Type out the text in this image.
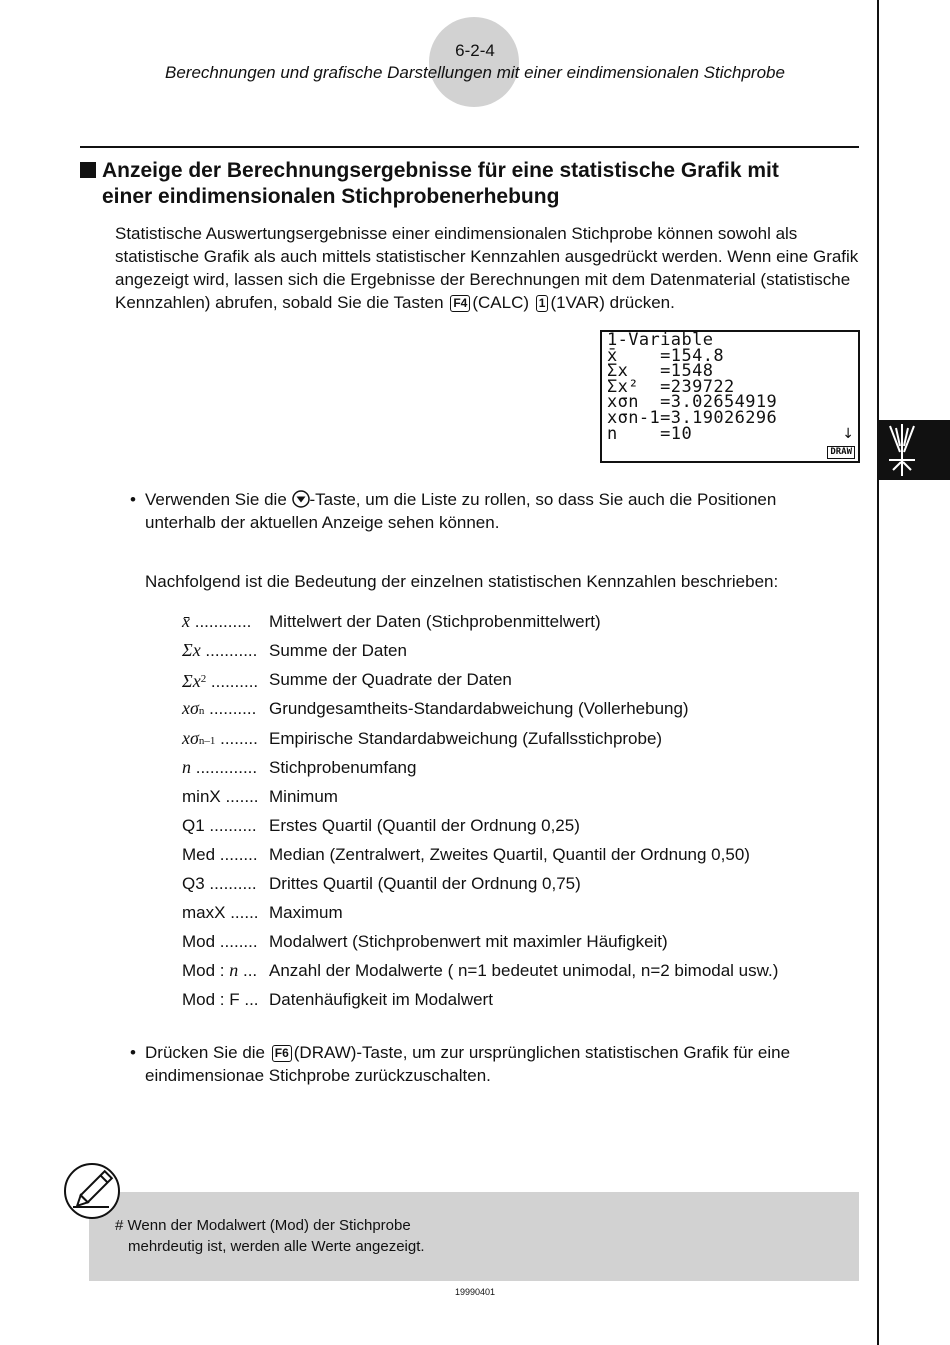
6-2-4
Berechnungen und grafische Darstellungen mit einer eindimensionalen Stichprobe
Anzeige der Berechnungsergebnisse für eine statistische Grafik mit
einer eindimensionalen Stichprobenerhebung
Statistische Auswertungsergebnisse einer eindimensionalen Stichprobe können sowohl als statistische Grafik als auch mittels statistischer Kennzahlen ausgedrückt werden. Wenn eine Grafik angezeigt wird, lassen sich die Ergebnisse der Berechnungen mit dem Datenmaterial (statistische Kennzahlen) abrufen, sobald Sie die Tasten F4 (CALC) 1 (1VAR) drücken.
1-Variable
x̄    =154.8
Σx   =1548
Σx²  =239722
xσn  =3.02654919
xσn-1=3.19026296
n    =10	↓
DRAW
• Verwenden Sie die -Taste, um die Liste zu rollen, so dass Sie auch die Positionen unterhalb der aktuellen Anzeige sehen können.
Nachfolgend ist die Bedeutung der einzelnen statistischen Kennzahlen beschrieben:
x̄ ............ Mittelwert der Daten (Stichprobenmittelwert)
Σx ........... Summe der Daten
$\Sigma x^2$ .......... Summe der Quadrate der Daten
xσn .......... Grundgesamtheits-Standardabweichung (Vollerhebung)
xσn–1 ........ Empirische Standardabweichung (Zufallsstichprobe)
n ............. Stichprobenumfang
minX ....... Minimum
Q1 .......... Erstes Quartil (Quantil der Ordnung 0,25)
Med ........ Median (Zentralwert, Zweites Quartil, Quantil der Ordnung 0,50)
Q3 .......... Drittes Quartil (Quantil der Ordnung 0,75)
maxX ...... Maximum
Mod ........ Modalwert (Stichprobenwert mit maximler Häufigkeit)
Mod : n ... Anzahl der Modalwerte ( n=1 bedeutet unimodal, n=2 bimodal usw.)
Mod : F ... Datenhäufigkeit im Modalwert
• Drücken Sie die F6 (DRAW)-Taste, um zur ursprünglichen statistischen Grafik für eine eindimensionae Stichprobe zurückzuschalten.
# Wenn der Modalwert (Mod) der Stichprobe
mehrdeutig ist, werden alle Werte angezeigt.
19990401
